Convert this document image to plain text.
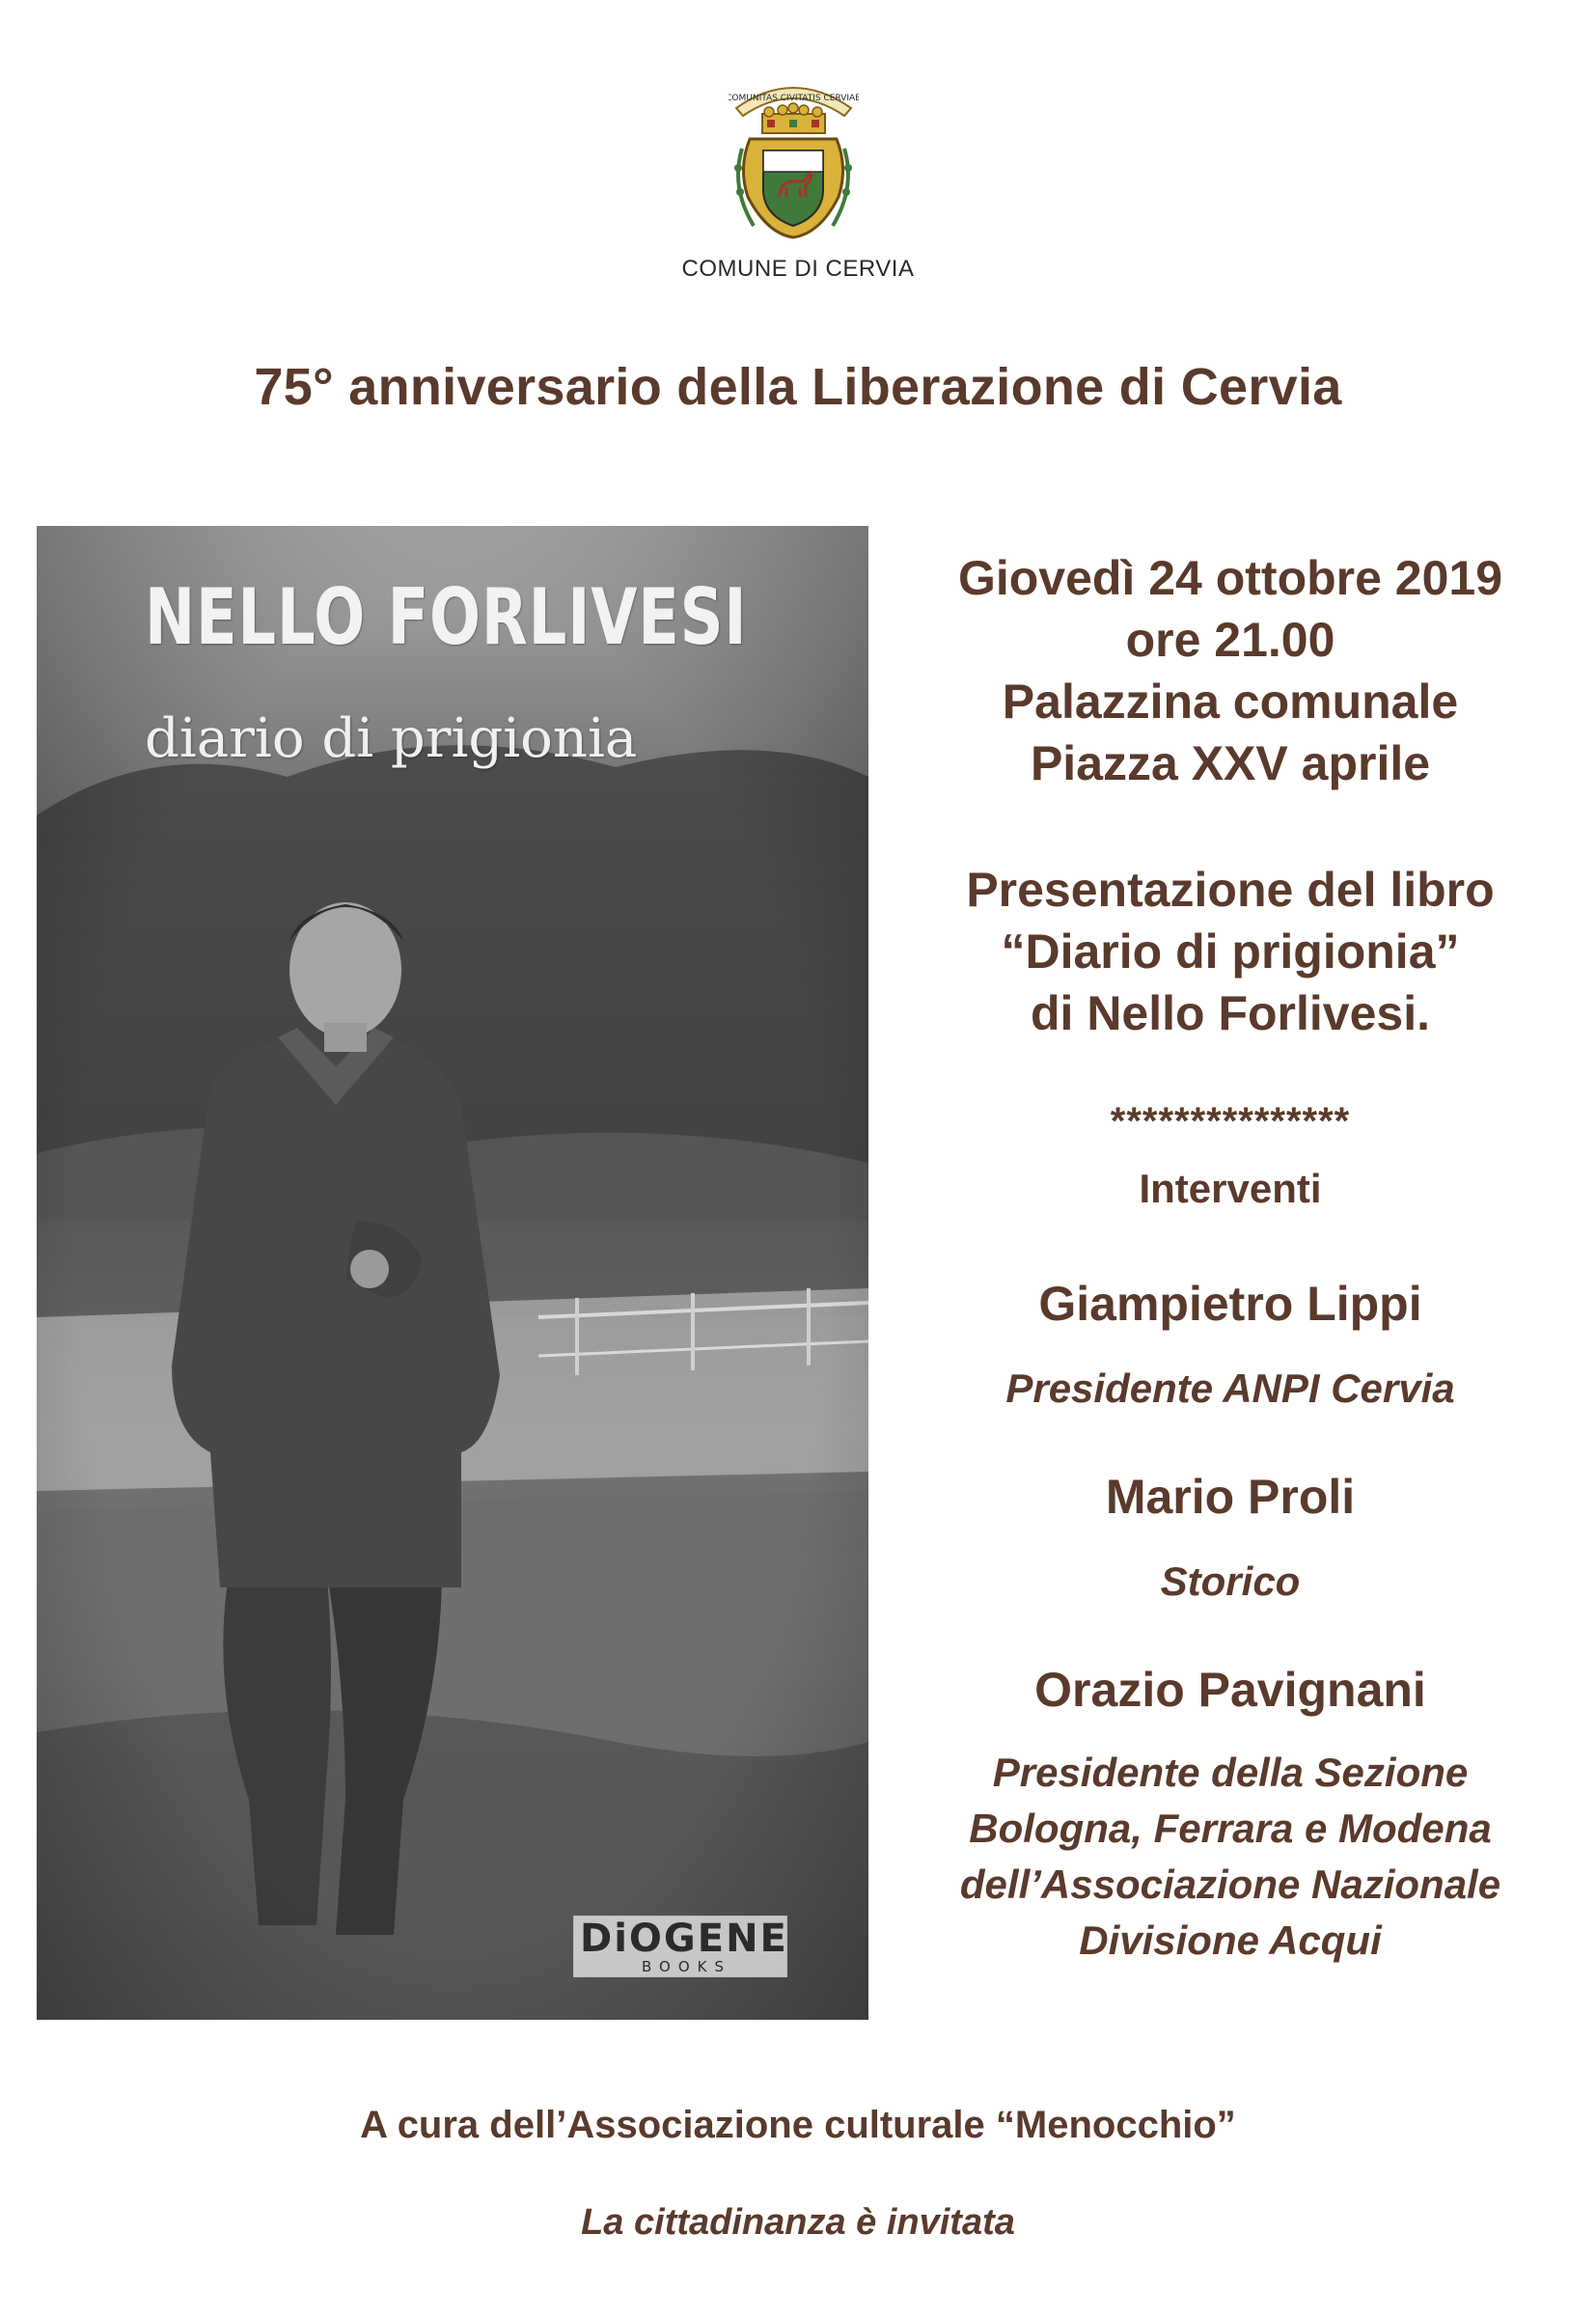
COMUNITAS CIVITATIS CERVIAE
COMUNE DI CERVIA
75° anniversario della Liberazione di Cervia
NELLO FORLIVESI
diario di prigionia
DiOGENE
BOOKS
Giovedì 24 ottobre 2019
ore 21.00
Palazzina comunale
Piazza XXV aprile
Presentazione del libro
“Diario di prigionia”
di Nello Forlivesi.
***************
Interventi
Giampietro Lippi
Presidente ANPI Cervia
Mario Proli
Storico
Orazio Pavignani
Presidente della Sezione
Bologna, Ferrara e Modena
dell’Associazione Nazionale
Divisione Acqui
A cura dell’Associazione culturale “Menocchio”
La cittadinanza è invitata
